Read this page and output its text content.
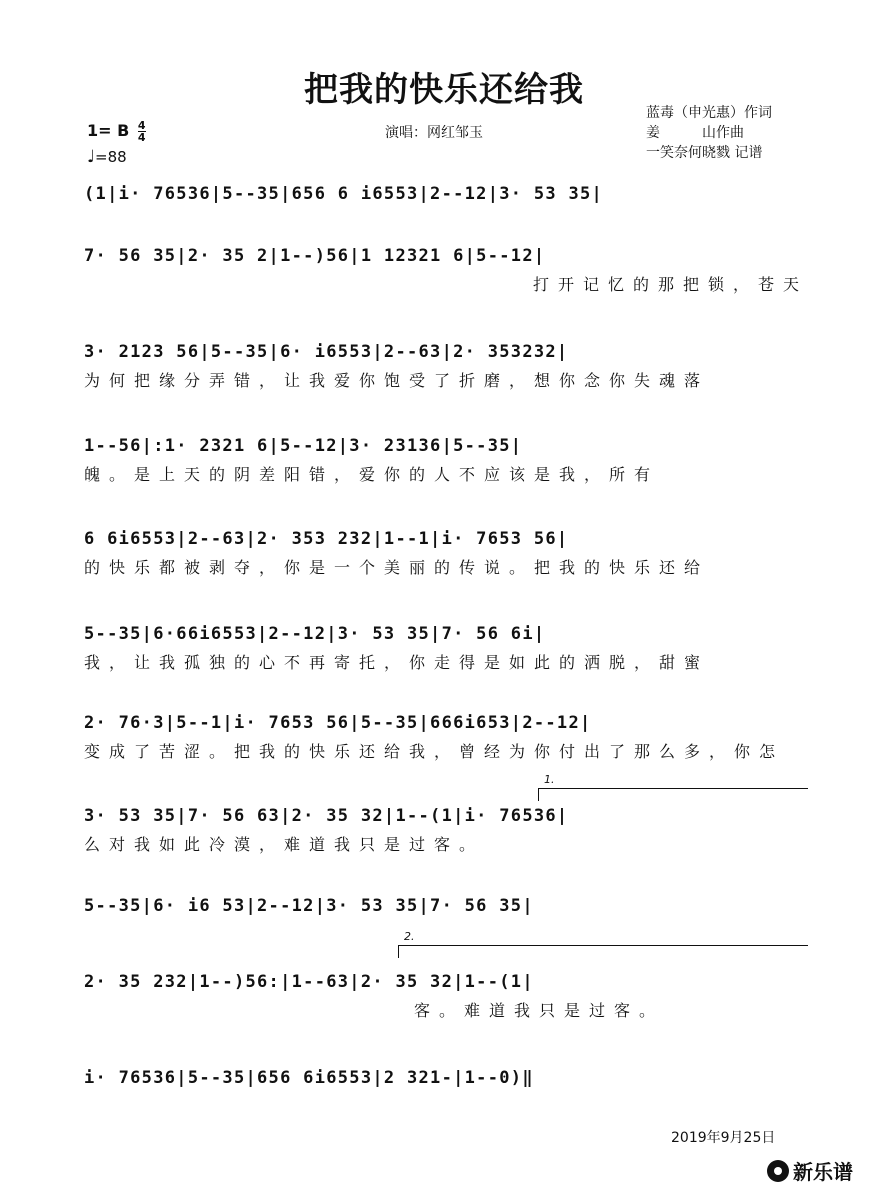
把我的快乐还给我
蓝毒（申光惠）作词
姜　　　山作曲
一笑奈何晓戮 记谱
1= B $\frac{4}{4}$
♩=88
演唱：网红邹玉
(1|i· 76536|5--35|656 6 i6553|2--12|3· 53 35|
7· 56 35|2· 35 2|1--)56|1 12321 6|5--12|
打开记忆的那把锁，苍天
3· 2123 56|5--35|6· i6553|2--63|2· 353232|
为何把缘分弄错，让我爱你饱受了折磨，想你念你失魂落
1--56|:1· 2321 6|5--12|3· 23136|5--35|
魄。是上天的阴差阳错，爱你的人不应该是我，所有
6 6i6553|2--63|2· 353 232|1--1|i· 7653 56|
的快乐都被剥夺，你是一个美丽的传说。把我的快乐还给
5--35|6·66i6553|2--12|3· 53 35|7· 56 6i|
我，让我孤独的心不再寄托，你走得是如此的洒脱，甜蜜
2· 76·3|5--1|i· 7653 56|5--35|666i653|2--12|
变成了苦涩。把我的快乐还给我，曾经为你付出了那么多，你怎
1.
3· 53 35|7· 56 63|2· 35 32|1--(1|i· 76536|
么对我如此冷漠，难道我只是过客。
5--35|6· i6 53|2--12|3· 53 35|7· 56 35|
2.
2· 35 232|1--)56:|1--63|2· 35 32|1--(1|
客。难道我只是过客。
i· 76536|5--35|656 6i6553|2 321-|1--0)‖
2019年9月25日
新乐谱
